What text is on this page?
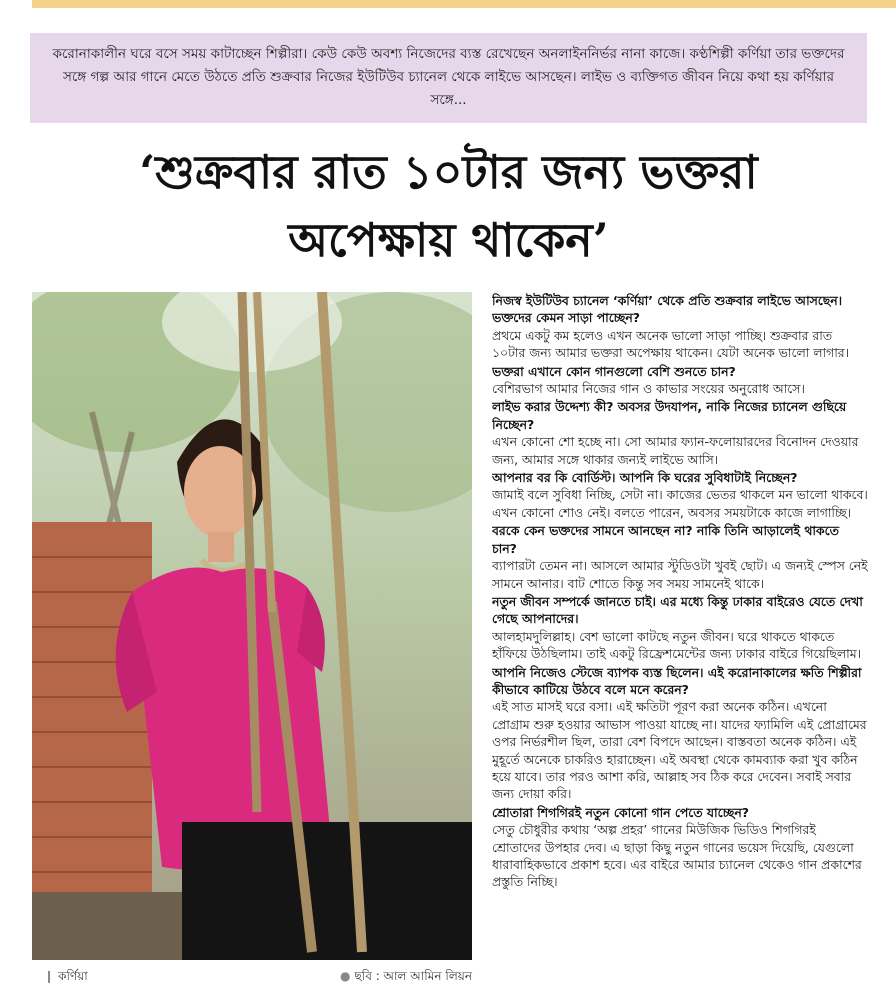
করোনাকালীন ঘরে বসে সময় কাটাচ্ছেন শিল্পীরা। কেউ কেউ অবশ্য নিজেদের ব্যস্ত রেখেছেন অনলাইননির্ভর নানা কাজে। কণ্ঠশিল্পী কর্ণিয়া তার ভক্তদের সঙ্গে গল্প আর গানে মেতে উঠতে প্রতি শুক্রবার নিজের ইউটিউব চ্যানেল থেকে লাইভে আসছেন। লাইভ ও ব্যক্তিগত জীবন নিয়ে কথা হয় কর্ণিয়ার সঙ্গে...
‘শুক্রবার রাত ১০টার জন্য ভক্তরা
অপেক্ষায় থাকেন’
❙ কর্ণিয়া	● ছবি : আল আমিন লিয়ন

নিজস্ব ইউটিউব চ্যানেল ‘কর্ণিয়া’ থেকে প্রতি শুক্রবার লাইভে আসছেন। ভক্তদের কেমন সাড়া পাচ্ছেন?

প্রথমে একটু কম হলেও এখন অনেক ভালো সাড়া পাচ্ছি। শুক্রবার রাত ১০টার জন্য আমার ভক্তরা অপেক্ষায় থাকেন। যেটা অনেক ভালো লাগার।

ভক্তরা এখানে কোন গানগুলো বেশি শুনতে চান?

বেশিরভাগ আমার নিজের গান ও কাভার সংয়ের অনুরোধ আসে।

লাইভ করার উদ্দেশ্য কী? অবসর উদযাপন, নাকি নিজের চ্যানেল গুছিয়ে নিচ্ছেন?

এখন কোনো শো হচ্ছে না। সো আমার ফ্যান-ফলোয়ারদের বিনোদন দেওয়ার জন্য, আমার সঙ্গে থাকার জন্যই লাইভে আসি।

আপনার বর কি বোর্ডিস্ট। আপনি কি ঘরের সুবিধাটাই নিচ্ছেন?

জামাই বলে সুবিধা নিচ্ছি, সেটা না। কাজের ভেতর থাকলে মন ভালো থাকবে। এখন কোনো শোও নেই। বলতে পারেন, অবসর সময়টাকে কাজে লাগাচ্ছি।

বরকে কেন ভক্তদের সামনে আনছেন না? নাকি তিনি আড়ালেই থাকতে চান?

ব্যাপারটা তেমন না। আসলে আমার স্টুডিওটা খুবই ছোট। এ জন্যই স্পেস নেই সামনে আনার। বাট শোতে কিন্তু সব সময় সামনেই থাকে।

নতুন জীবন সম্পর্কে জানতে চাই। এর মধ্যে কিন্তু ঢাকার বাইরেও যেতে দেখা গেছে আপনাদের।

আলহামদুলিল্লাহ। বেশ ভালো কাটছে নতুন জীবন। ঘরে থাকতে থাকতে হাঁফিয়ে উঠছিলাম। তাই একটু রিফ্রেশমেন্টের জন্য ঢাকার বাইরে গিয়েছিলাম।

আপনি নিজেও স্টেজে ব্যাপক ব্যস্ত ছিলেন। এই করোনাকালের ক্ষতি শিল্পীরা কীভাবে কাটিয়ে উঠবে বলে মনে করেন?

এই সাত মাসই ঘরে বসা। এই ক্ষতিটা পূরণ করা অনেক কঠিন। এখনো প্রোগ্রাম শুরু হওয়ার আভাস পাওয়া যাচ্ছে না। যাদের ফ্যামিলি এই প্রোগ্রামের ওপর নির্ভরশীল ছিল, তারা বেশ বিপদে আছেন। বাস্তবতা অনেক কঠিন। এই মুহূর্তে অনেকে চাকরিও হারাচ্ছেন। এই অবস্থা থেকে কামব্যাক করা খুব কঠিন হয়ে যাবে। তার পরও আশা করি, আল্লাহ সব ঠিক করে দেবেন। সবাই সবার জন্য দোয়া করি।

শ্রোতারা শিগগিরই নতুন কোনো গান পেতে যাচ্ছেন?

সেতু চৌধুরীর কথায় ‘অল্প প্রহর’ গানের মিউজিক ভিডিও শিগগিরই শ্রোতাদের উপহার দেব। এ ছাড়া কিছু নতুন গানের ভয়েস দিয়েছি, যেগুলো ধারাবাহিকভাবে প্রকাশ হবে। এর বাইরে আমার চ্যানেল থেকেও গান প্রকাশের প্রস্তুতি নিচ্ছি।
